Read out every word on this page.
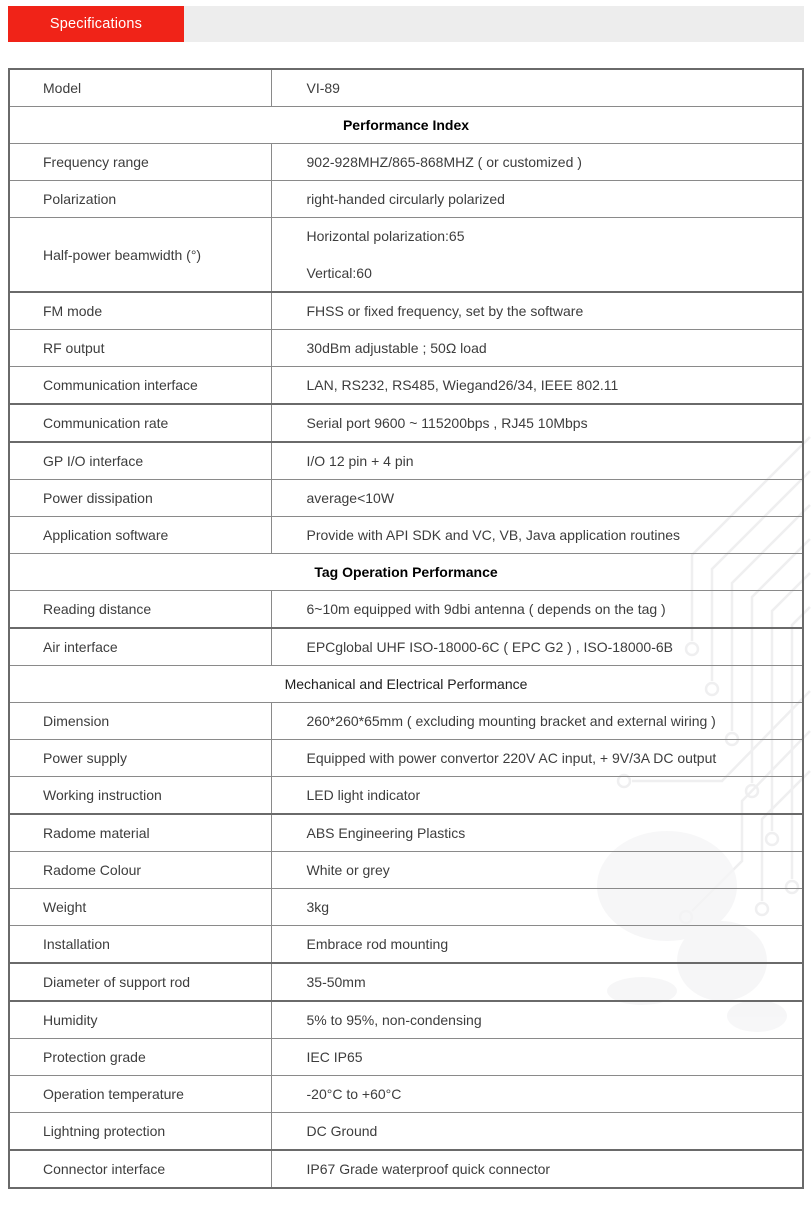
Specifications
Model	VI-89
Performance Index	
Frequency range	902-928MHZ/865-868MHZ ( or customized )
Polarization	right-handed circularly polarized
Half-power beamwidth (°)	Horizontal polarization:65

Vertical:60

FM mode	FHSS or fixed frequency, set by the software
RF output	30dBm adjustable ; 50Ω load
Communication interface	LAN, RS232, RS485, Wiegand26/34, IEEE 802.11
Communication rate	Serial port 9600 ~ 115200bps , RJ45 10Mbps
GP I/O interface	I/O 12 pin + 4 pin
Power dissipation	average<10W
Application software	Provide with API SDK and VC, VB, Java application routines
Tag Operation Performance	
Reading distance	6~10m equipped with 9dbi antenna ( depends on the tag )
Air interface	EPCglobal UHF ISO-18000-6C ( EPC G2 ) , ISO-18000-6B
Mechanical and Electrical Performance	
Dimension	260*260*65mm ( excluding mounting bracket and external wiring )
Power supply	Equipped with power convertor 220V AC input, + 9V/3A DC output
Working instruction	LED light indicator
Radome material	ABS Engineering Plastics
Radome Colour	White or grey
Weight	3kg
Installation	Embrace rod mounting
Diameter of support rod	35-50mm
Humidity	5% to 95%, non-condensing
Protection grade	IEC IP65
Operation temperature	-20°C to +60°C
Lightning protection	DC Ground
Connector interface	IP67 Grade waterproof quick connector
